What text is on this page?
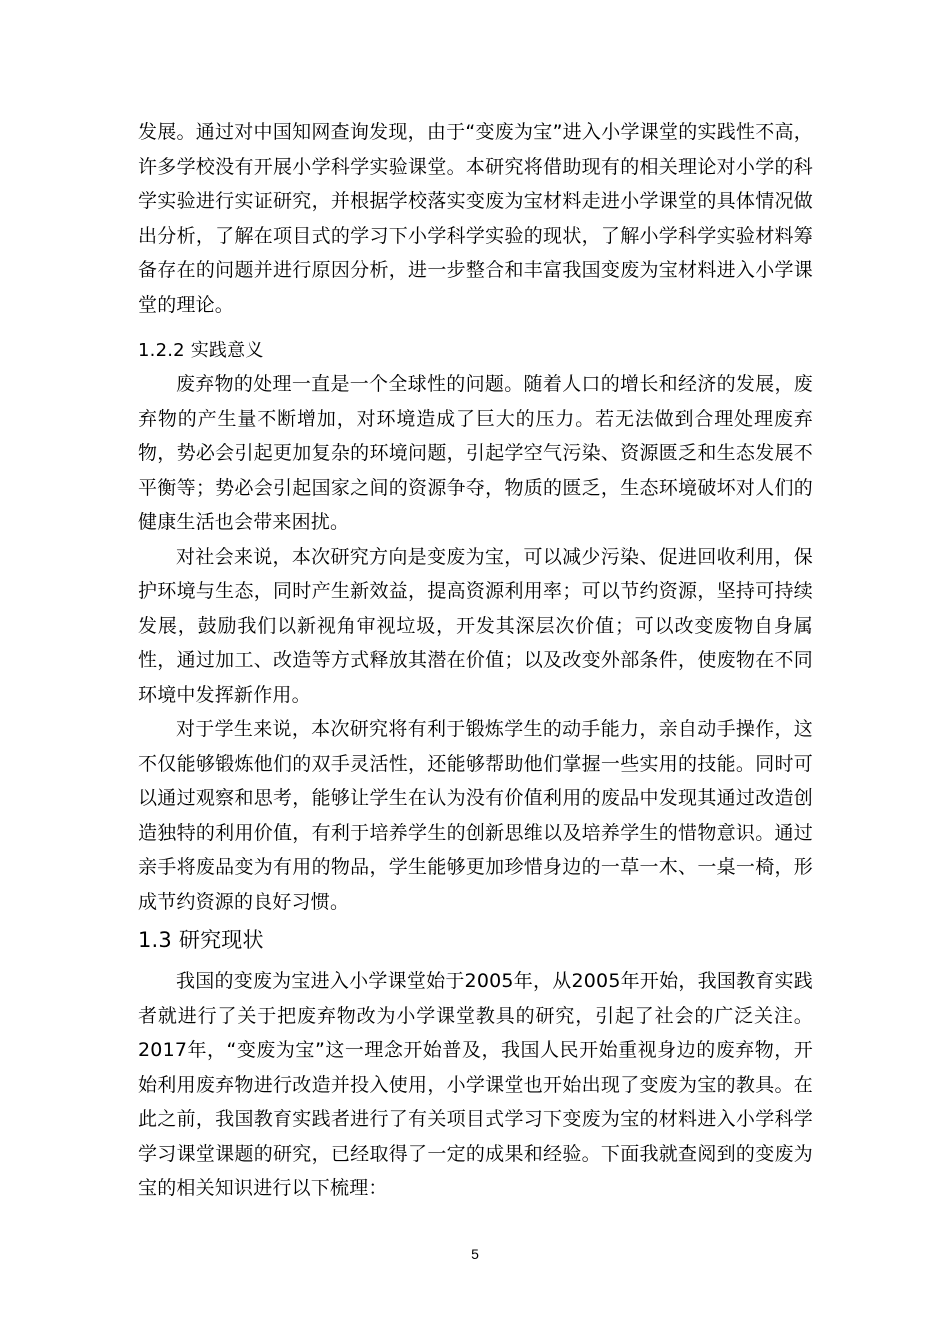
发展。通过对中国知网查询发现，由于“变废为宝”进入小学课堂的实践性不高，许多学校没有开展小学科学实验课堂。本研究将借助现有的相关理论对小学的科学实验进行实证研究，并根据学校落实变废为宝材料走进小学课堂的具体情况做出分析，了解在项目式的学习下小学科学实验的现状，了解小学科学实验材料筹备存在的问题并进行原因分析，进一步整合和丰富我国变废为宝材料进入小学课堂的理论。

1.2.2 实践意义

废弃物的处理一直是一个全球性的问题。随着人口的增长和经济的发展，废弃物的产生量不断增加，对环境造成了巨大的压力。若无法做到合理处理废弃物，势必会引起更加复杂的环境问题，引起学空气污染、资源匮乏和生态发展不平衡等；势必会引起国家之间的资源争夺，物质的匮乏，生态环境破坏对人们的健康生活也会带来困扰。

对社会来说，本次研究方向是变废为宝，可以减少污染、促进回收利用，保护环境与生态，同时产生新效益，提高资源利用率；可以节约资源，坚持可持续发展，鼓励我们以新视角审视垃圾，开发其深层次价值；可以改变废物自身属性，通过加工、改造等方式释放其潜在价值；以及改变外部条件，使废物在不同环境中发挥新作用。

对于学生来说，本次研究将有利于锻炼学生的动手能力，亲自动手操作，这不仅能够锻炼他们的双手灵活性，还能够帮助他们掌握一些实用的技能。同时可以通过观察和思考，能够让学生在认为没有价值利用的废品中发现其通过改造创造独特的利用价值，有利于培养学生的创新思维以及培养学生的惜物意识。通过亲手将废品变为有用的物品，学生能够更加珍惜身边的一草一木、一桌一椅，形成节约资源的良好习惯。

1.3 研究现状

我国的变废为宝进入小学课堂始于2005年，从2005年开始，我国教育实践者就进行了关于把废弃物改为小学课堂教具的研究，引起了社会的广泛关注。2017年，“变废为宝”这一理念开始普及，我国人民开始重视身边的废弃物，开始利用废弃物进行改造并投入使用，小学课堂也开始出现了变废为宝的教具。在此之前，我国教育实践者进行了有关项目式学习下变废为宝的材料进入小学科学学习课堂课题的研究，已经取得了一定的成果和经验。下面我就查阅到的变废为宝的相关知识进行以下梳理：

5
